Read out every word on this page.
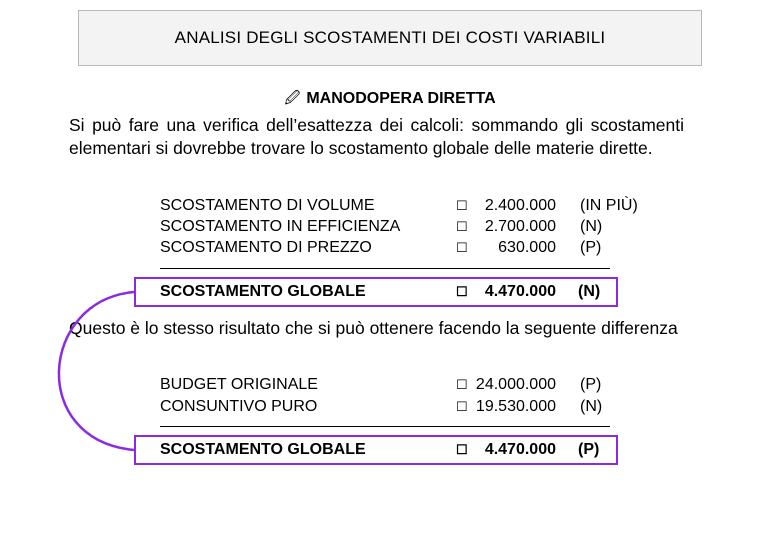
ANALISI DEGLI SCOSTAMENTI DEI COSTI VARIABILI
🖉 MANODOPERA DIRETTA
Si può fare una verifica dell’esattezza dei calcoli: sommando gli scostamenti elementari si dovrebbe trovare lo scostamento globale delle materie dirette.
SCOSTAMENTO DI VOLUME	☐	2.400.000 (IN PIÙ)
SCOSTAMENTO IN EFFICIENZA	☐	2.700.000 (N)
SCOSTAMENTO DI PREZZO	☐	630.000 (P)
SCOSTAMENTO GLOBALE	☐	4.470.000 (N)
Questo è lo stesso risultato che si può ottenere facendo la seguente differenza
BUDGET ORIGINALE	☐ 24.000.000 (P)
CONSUNTIVO PURO	☐ 19.530.000 (N)
SCOSTAMENTO GLOBALE	☐	4.470.000 (P)
